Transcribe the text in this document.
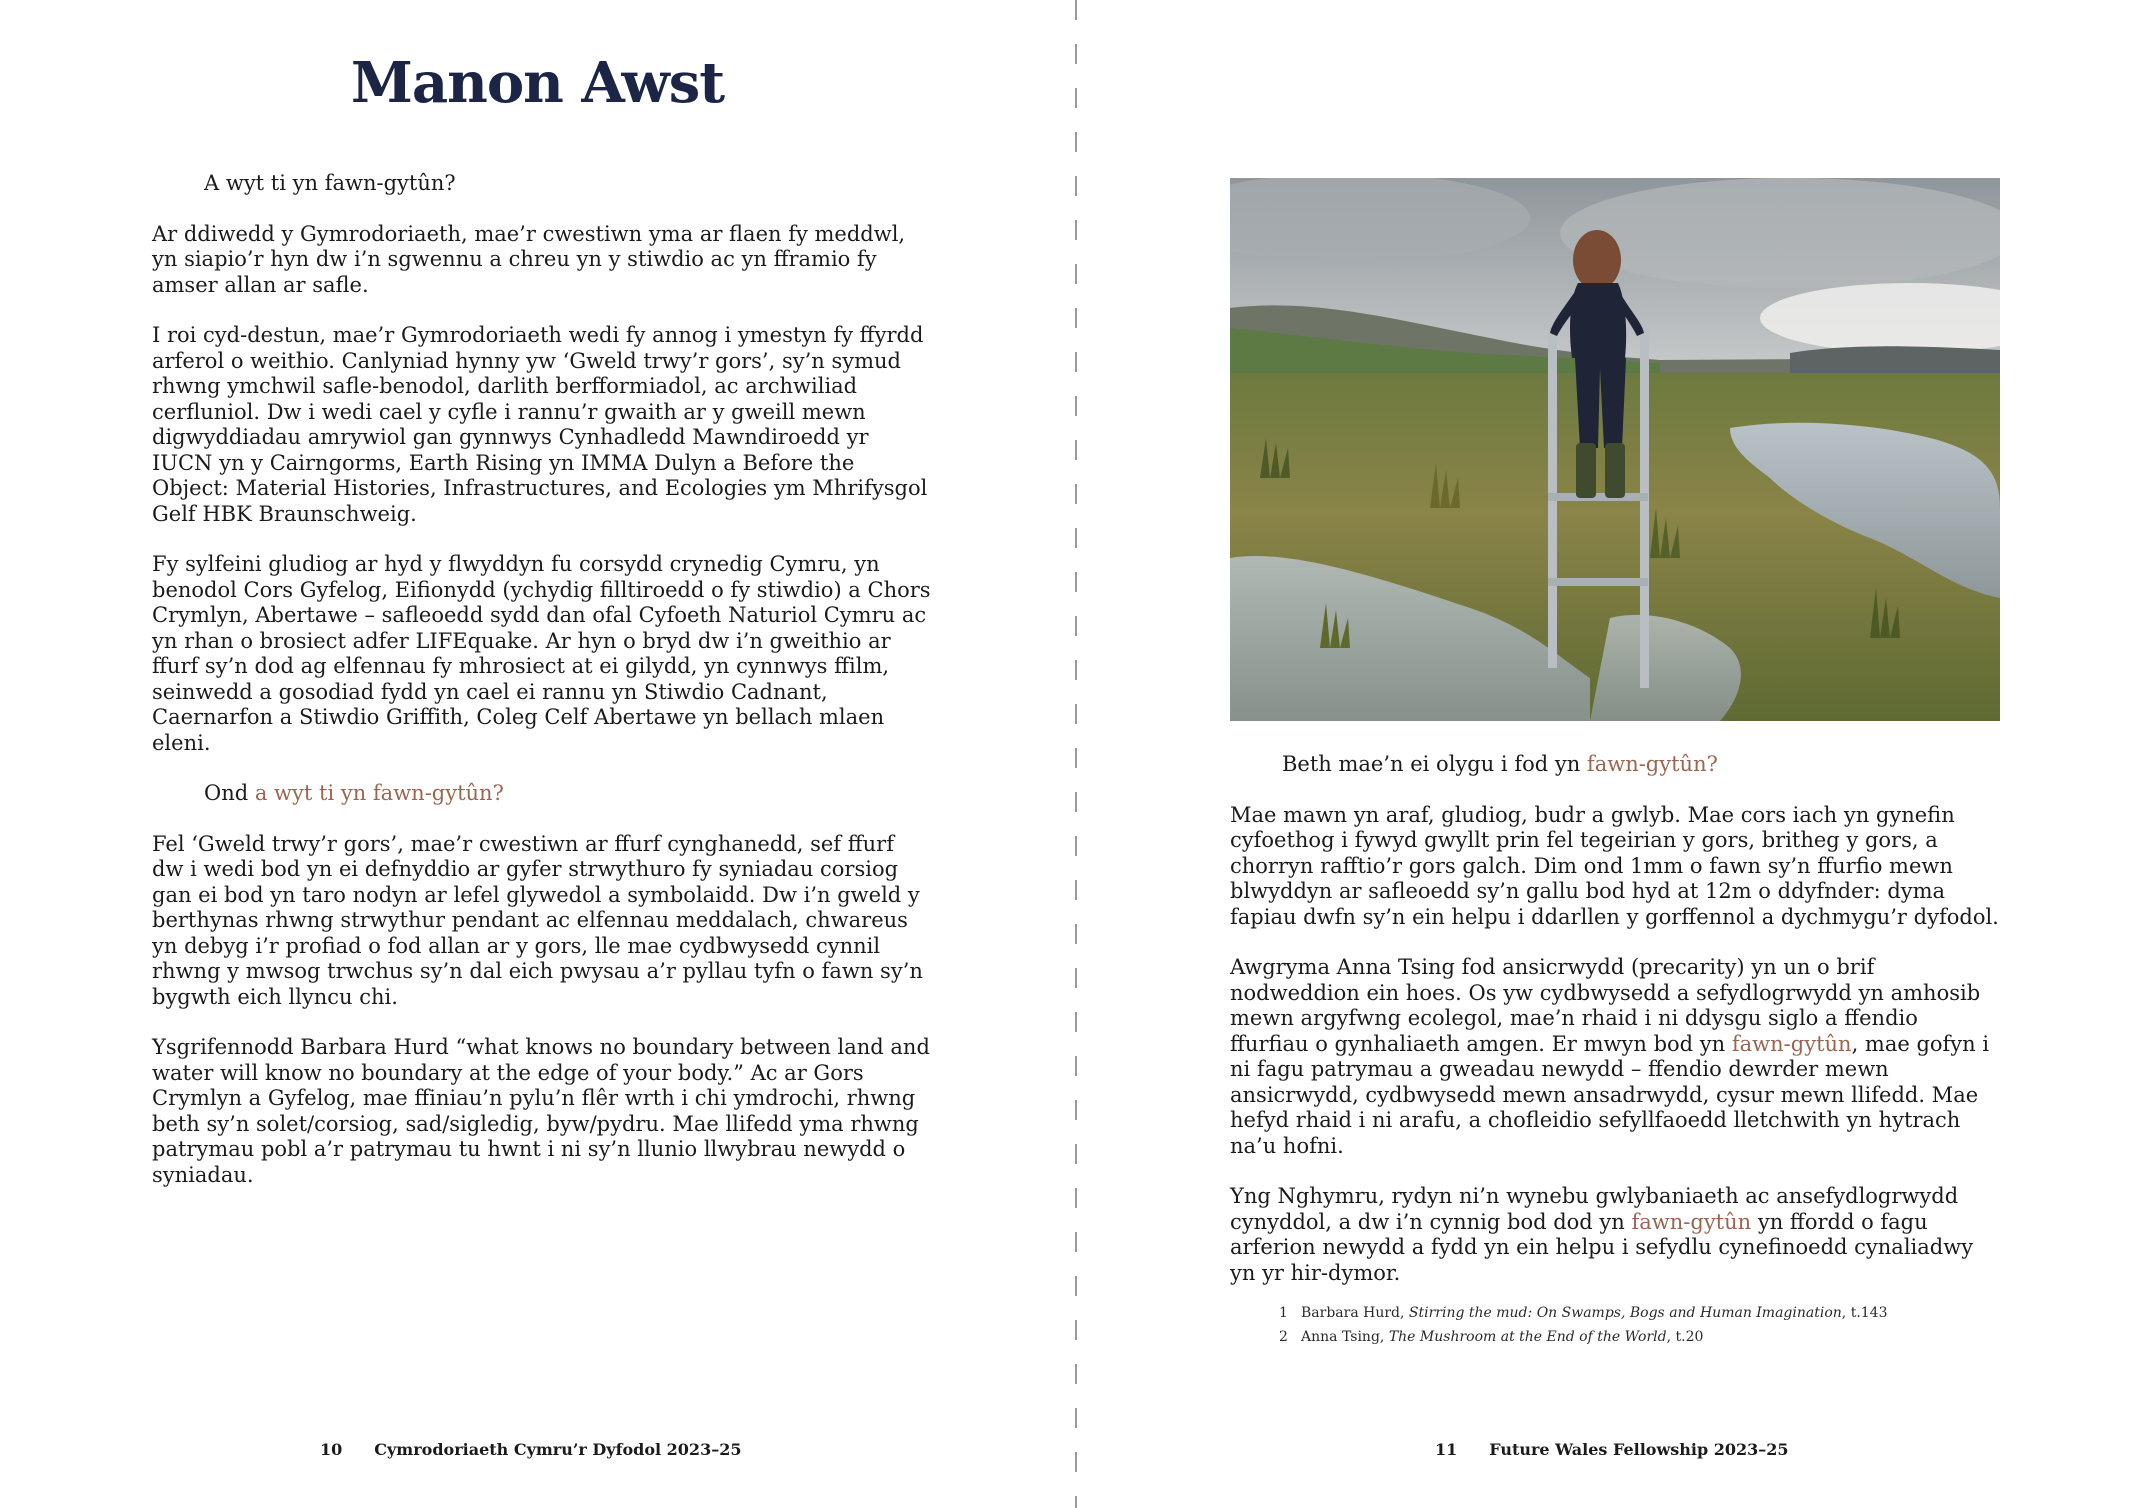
Manon Awst

A wyt ti yn fawn-gytûn?

Ar ddiwedd y Gymrodoriaeth, mae’r cwestiwn yma ar flaen fy meddwl, yn siapio’r hyn dw i’n sgwennu a chreu yn y stiwdio ac yn fframio fy amser allan ar safle.

I roi cyd-destun, mae’r Gymrodoriaeth wedi fy annog i ymestyn fy ffyrdd arferol o weithio. Canlyniad hynny yw ‘Gweld trwy’r gors’, sy’n symud rhwng ymchwil safle-benodol, darlith berfformiadol, ac archwiliad cerfluniol. Dw i wedi cael y cyfle i rannu’r gwaith ar y gweill mewn digwyddiadau amrywiol gan gynnwys Cynhadledd Mawndiroedd yr IUCN yn y Cairngorms, Earth Rising yn IMMA Dulyn a Before the Object: Material Histories, Infrastructures, and Ecologies ym Mhrifysgol Gelf HBK Braunschweig.

Fy sylfeini gludiog ar hyd y flwyddyn fu corsydd crynedig Cymru, yn benodol Cors Gyfelog, Eifionydd (ychydig filltiroedd o fy stiwdio) a Chors Crymlyn, Abertawe – safleoedd sydd dan ofal Cyfoeth Naturiol Cymru ac yn rhan o brosiect adfer LIFEquake. Ar hyn o bryd dw i’n gweithio ar ffurf sy’n dod ag elfennau fy mhrosiect at ei gilydd, yn cynnwys ffilm, seinwedd a gosodiad fydd yn cael ei rannu yn Stiwdio Cadnant, Caernarfon a Stiwdio Griffith, Coleg Celf Abertawe yn bellach mlaen eleni.

Ond a wyt ti yn fawn-gytûn?

Fel ‘Gweld trwy’r gors’, mae’r cwestiwn ar ffurf cynghanedd, sef ffurf dw i wedi bod yn ei defnyddio ar gyfer strwythuro fy syniadau corsiog gan ei bod yn taro nodyn ar lefel glywedol a symbolaidd. Dw i’n gweld y berthynas rhwng strwythur pendant ac elfennau meddalach, chwareus yn debyg i’r profiad o fod allan ar y gors, lle mae cydbwysedd cynnil rhwng y mwsog trwchus sy’n dal eich pwysau a’r pyllau tyfn o fawn sy’n bygwth eich llyncu chi.

Ysgrifennodd Barbara Hurd “what knows no boundary between land and water will know no boundary at the edge of your body.” Ac ar Gors Crymlyn a Gyfelog, mae ffiniau’n pylu’n flêr wrth i chi ymdrochi, rhwng beth sy’n solet/corsiog, sad/sigledig, byw/pydru. Mae llifedd yma rhwng patrymau pobl a’r patrymau tu hwnt i ni sy’n llunio llwybrau newydd o syniadau.

Beth mae’n ei olygu i fod yn fawn-gytûn?

Mae mawn yn araf, gludiog, budr a gwlyb. Mae cors iach yn gynefin cyfoethog i fywyd gwyllt prin fel tegeirian y gors, britheg y gors, a chorryn rafftio’r gors galch. Dim ond 1mm o fawn sy’n ffurfio mewn blwyddyn ar safleoedd sy’n gallu bod hyd at 12m o ddyfnder: dyma fapiau dwfn sy’n ein helpu i ddarllen y gorffennol a dychmygu’r dyfodol.

Awgryma Anna Tsing fod ansicrwydd (precarity) yn un o brif nodweddion ein hoes. Os yw cydbwysedd a sefydlogrwydd yn amhosib mewn argyfwng ecolegol, mae’n rhaid i ni ddysgu siglo a ffendio ffurfiau o gynhaliaeth amgen. Er mwyn bod yn fawn-gytûn, mae gofyn i ni fagu patrymau a gweadau newydd – ffendio dewrder mewn ansicrwydd, cydbwysedd mewn ansadrwydd, cysur mewn llifedd. Mae hefyd rhaid i ni arafu, a chofleidio sefyllfaoedd lletchwith yn hytrach na’u hofni.

Yng Nghymru, rydyn ni’n wynebu gwlybaniaeth ac ansefydlogrwydd cynyddol, a dw i’n cynnig bod dod yn fawn-gytûn yn ffordd o fagu arferion newydd a fydd yn ein helpu i sefydlu cynefinoedd cynaliadwy yn yr hir-dymor.

1 Barbara Hurd, Stirring the mud: On Swamps, Bogs and Human Imagination, t.143
2 Anna Tsing, The Mushroom at the End of the World, t.20
10 Cymrodoriaeth Cymru’r Dyfodol 2023–25	11 Future Wales Fellowship 2023–25
